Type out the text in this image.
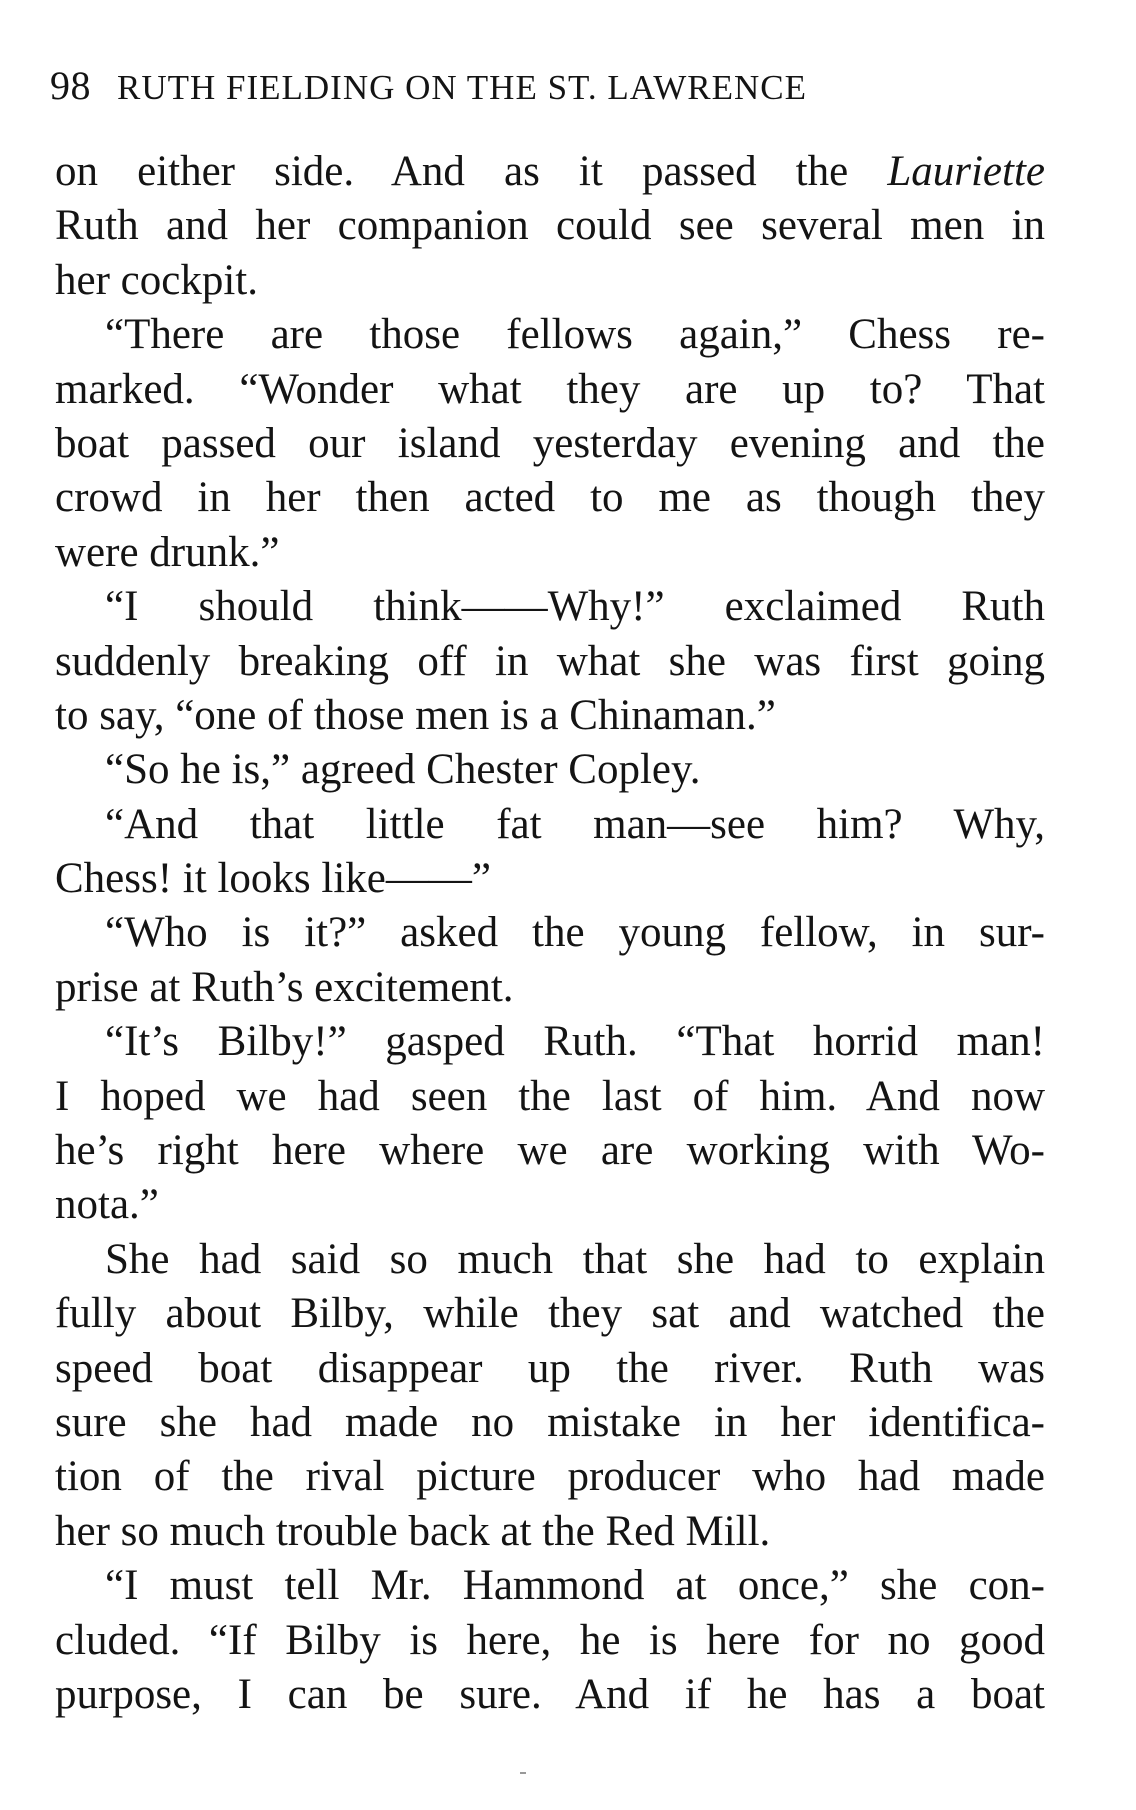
98 RUTH FIELDING ON THE ST. LAWRENCE
on either side. And as it passed the Lauriette
Ruth and her companion could see several men in
her cockpit.
“There are those fellows again,” Chess re-
marked. “Wonder what they are up to? That
boat passed our island yesterday evening and the
crowd in her then acted to me as though they
were drunk.”
“I should think——Why!” exclaimed Ruth
suddenly breaking off in what she was first going
to say, “one of those men is a Chinaman.”
“So he is,” agreed Chester Copley.
“And that little fat man—see him? Why,
Chess! it looks like——”
“Who is it?” asked the young fellow, in sur-
prise at Ruth’s excitement.
“It’s Bilby!” gasped Ruth. “That horrid man!
I hoped we had seen the last of him. And now
he’s right here where we are working with Wo-
nota.”
She had said so much that she had to explain
fully about Bilby, while they sat and watched the
speed boat disappear up the river. Ruth was
sure she had made no mistake in her identifica-
tion of the rival picture producer who had made
her so much trouble back at the Red Mill.
“I must tell Mr. Hammond at once,” she con-
cluded. “If Bilby is here, he is here for no good
purpose, I can be sure. And if he has a boat
